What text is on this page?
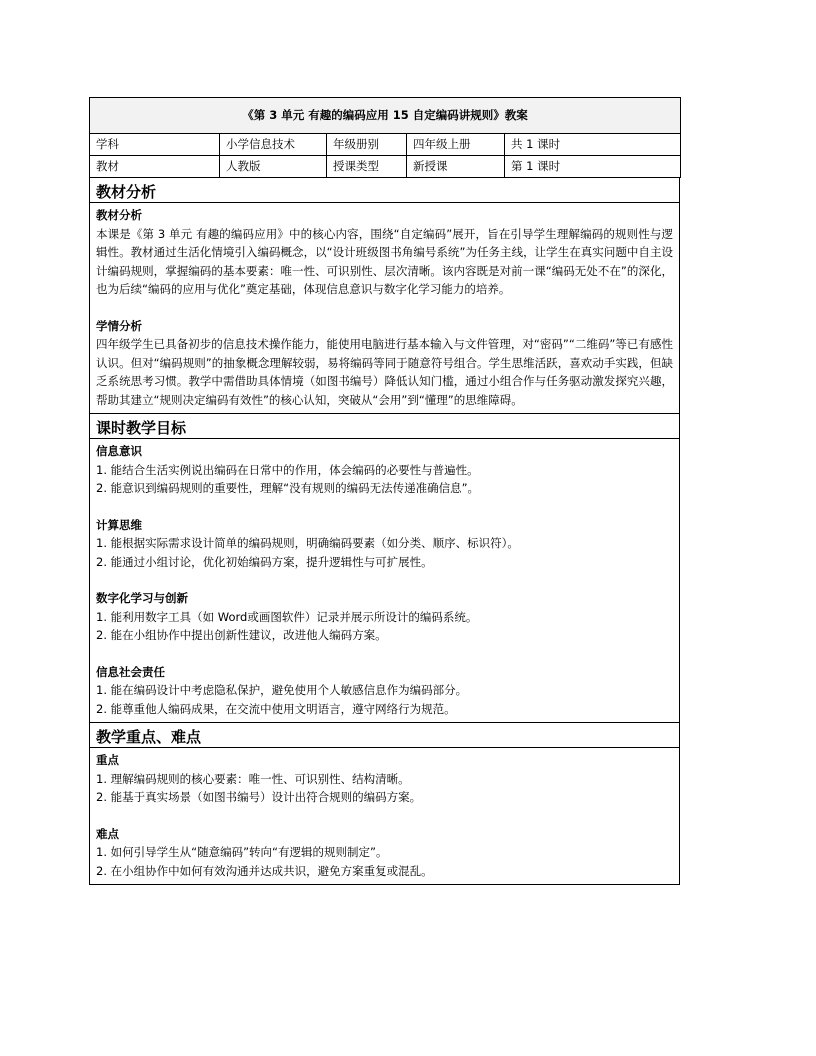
《第 3 单元 有趣的编码应用 15 自定编码讲规则》教案				
学科	小学信息技术	年级册别	四年级上册	共 1 课时
教材	人教版	授课类型	新授课	第 1 课时
教材分析
教材分析
本课是《第 3 单元 有趣的编码应用》中的核心内容，围绕“自定编码”展开，旨在引导学生理解编码的规则性与逻辑性。教材通过生活化情境引入编码概念，以“设计班级图书角编号系统”为任务主线，让学生在真实问题中自主设计编码规则，掌握编码的基本要素：唯一性、可识别性、层次清晰。该内容既是对前一课“编码无处不在”的深化，也为后续“编码的应用与优化”奠定基础，体现信息意识与数字化学习能力的培养。
学情分析
四年级学生已具备初步的信息技术操作能力，能使用电脑进行基本输入与文件管理，对“密码”“二维码”等已有感性认识。但对“编码规则”的抽象概念理解较弱，易将编码等同于随意符号组合。学生思维活跃，喜欢动手实践，但缺乏系统思考习惯。教学中需借助具体情境（如图书编号）降低认知门槛，通过小组合作与任务驱动激发探究兴趣，帮助其建立“规则决定编码有效性”的核心认知，突破从“会用”到“懂理”的思维障碍。
课时教学目标
信息意识
1. 能结合生活实例说出编码在日常中的作用，体会编码的必要性与普遍性。
2. 能意识到编码规则的重要性，理解“没有规则的编码无法传递准确信息”。
计算思维
1. 能根据实际需求设计简单的编码规则，明确编码要素（如分类、顺序、标识符）。
2. 能通过小组讨论，优化初始编码方案，提升逻辑性与可扩展性。
数字化学习与创新
1. 能利用数字工具（如 Word或画图软件）记录并展示所设计的编码系统。
2. 能在小组协作中提出创新性建议，改进他人编码方案。
信息社会责任
1. 能在编码设计中考虑隐私保护，避免使用个人敏感信息作为编码部分。
2. 能尊重他人编码成果，在交流中使用文明语言，遵守网络行为规范。
教学重点、难点
重点
1. 理解编码规则的核心要素：唯一性、可识别性、结构清晰。
2. 能基于真实场景（如图书编号）设计出符合规则的编码方案。
难点
1. 如何引导学生从“随意编码”转向“有逻辑的规则制定”。
2. 在小组协作中如何有效沟通并达成共识，避免方案重复或混乱。
